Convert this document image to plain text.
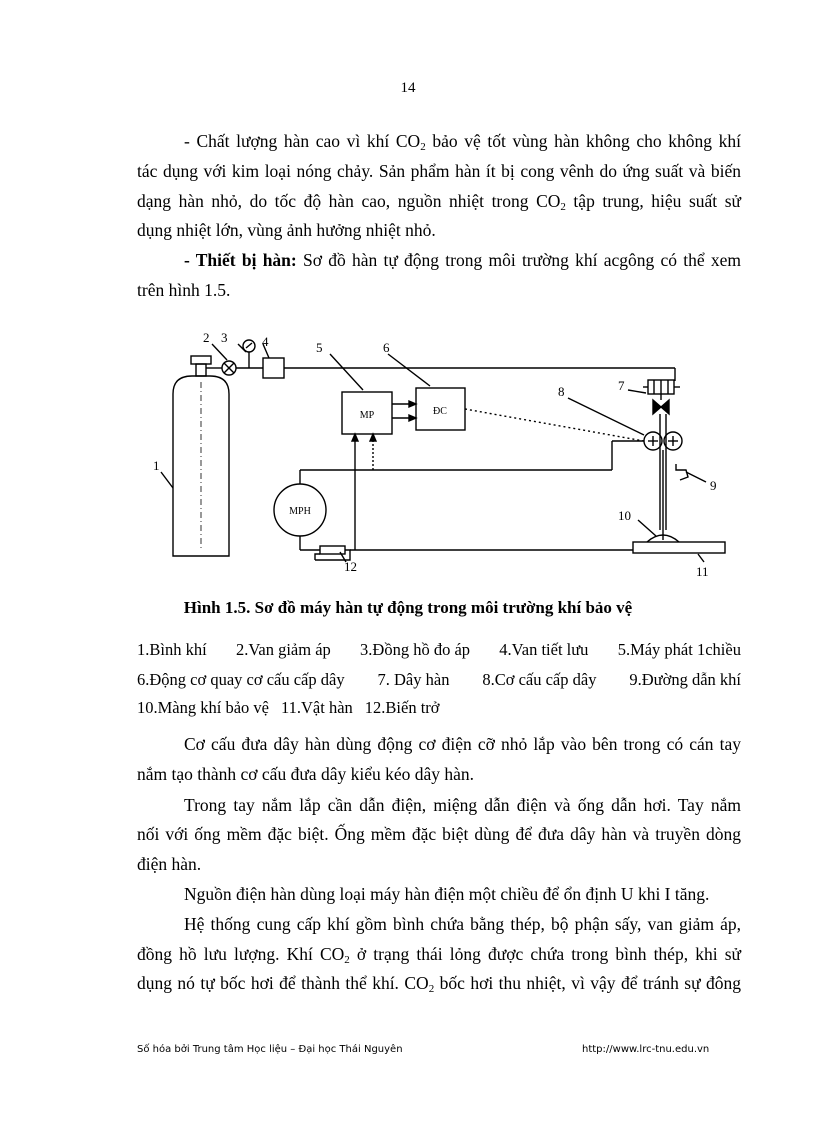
14

- Chất lượng hàn cao vì khí $CO_2$ bảo vệ tốt vùng hàn không cho không khí

tác dụng với kim loại nóng chảy. Sản phẩm hàn ít bị cong vênh do ứng suất và biến

dạng hàn nhỏ, do tốc độ hàn cao, nguồn nhiệt trong $CO_2$ tập trung, hiệu suất sử

dụng nhiệt lớn, vùng ảnh hưởng nhiệt nhỏ.

- Thiết bị hàn: Sơ đồ hàn tự động trong môi trường khí acgông có thể xem

trên hình 1.5.

1
2 3	4	5	6
7
8
9
10
11
12
MP	ĐC
MPH
Hình 1.5. Sơ đồ máy hàn tự động trong môi trường khí bảo vệ
1.Bình khí 2.Van giảm áp 3.Đồng hồ đo áp 4.Van tiết lưu 5.Máy phát 1chiều
6.Động cơ quay cơ cấu cấp dây 7. Dây hàn 8.Cơ cấu cấp dây 9.Đường dẫn khí
10.Màng khí bảo vệ 11.Vật hàn 12.Biến trở

Cơ cấu đưa dây hàn dùng động cơ điện cỡ nhỏ lắp vào bên trong có cán tay

nắm tạo thành cơ cấu đưa dây kiểu kéo dây hàn.

Trong tay nắm lắp cần dẫn điện, miệng dẫn điện và ống dẫn hơi. Tay nắm

nối với ống mềm đặc biệt. Ống mềm đặc biệt dùng để đưa dây hàn và truyền dòng

điện hàn.

Nguồn điện hàn dùng loại máy hàn điện một chiều để ổn định U khi I tăng.

Hệ thống cung cấp khí gồm bình chứa bằng thép, bộ phận sấy, van giảm áp,

đồng hồ lưu lượng. Khí $CO_2$ ở trạng thái lỏng được chứa trong bình thép, khi sử

dụng nó tự bốc hơi để thành thể khí. $CO_2$ bốc hơi thu nhiệt, vì vậy để tránh sự đông

Số hóa bởi Trung tâm Học liệu – Đại học Thái Nguyên	http://www.lrc-tnu.edu.vn
